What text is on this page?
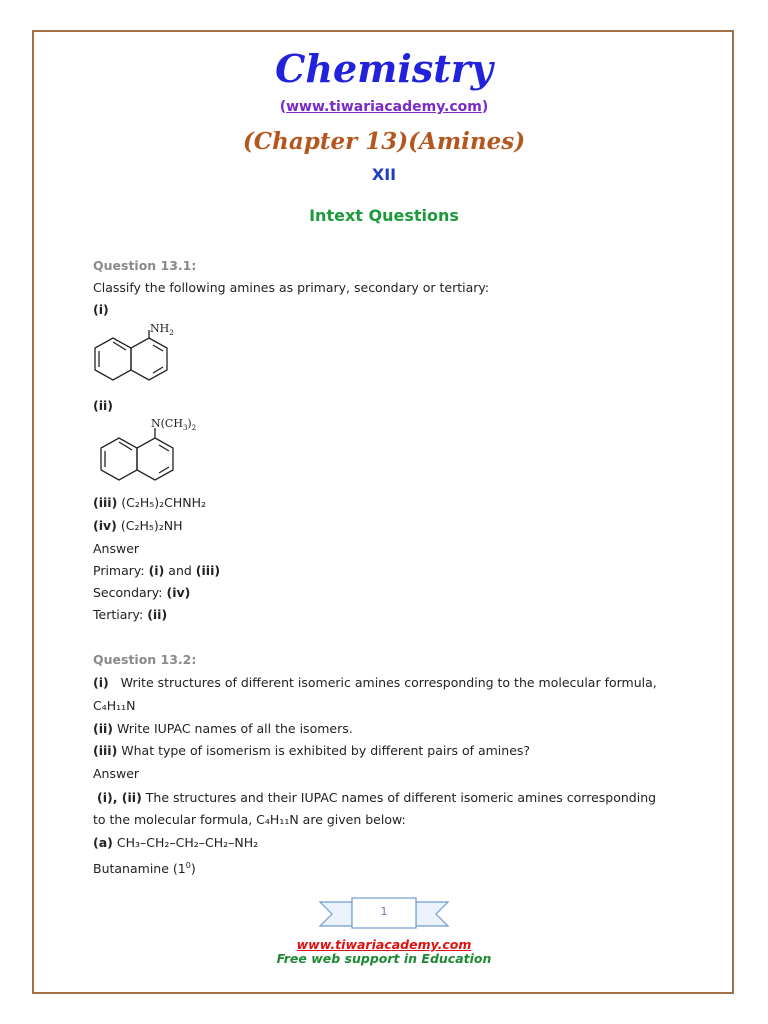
Chemistry
(www.tiwariacademy.com)
(Chapter 13)(Amines)
XII
Intext Questions
Question 13.1:
Classify the following amines as primary, secondary or tertiary:
(i)
$NH_2$
(ii)
$N(CH_3)_2$
(iii) (C₂H₅)₂CHNH₂
(iv) (C₂H₅)₂NH
Answer
Primary: (i) and (iii)
Secondary: (iv)
Tertiary: (ii)
Question 13.2:
(i) Write structures of different isomeric amines corresponding to the molecular formula,
C₄H₁₁N
(ii) Write IUPAC names of all the isomers.
(iii) What type of isomerism is exhibited by different pairs of amines?
Answer
(i), (ii) The structures and their IUPAC names of different isomeric amines corresponding
to the molecular formula, C₄H₁₁N are given below:
(a) CH₃–CH₂–CH₂–CH₂–NH₂
Butanamine $(1^0)$
1
www.tiwariacademy.com
Free web support in Education
